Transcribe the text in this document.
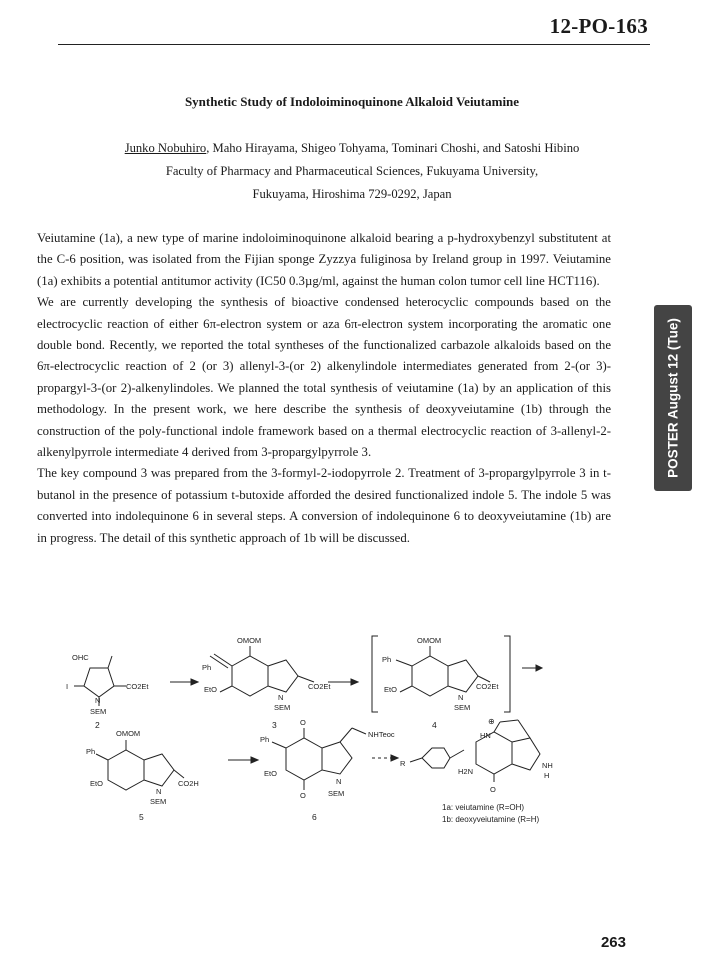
12-PO-163
Synthetic Study of Indoloiminoquinone Alkaloid Veiutamine
Junko Nobuhiro, Maho Hirayama, Shigeo Tohyama, Tominari Choshi, and Satoshi Hibino
Faculty of Pharmacy and Pharmaceutical Sciences, Fukuyama University,
Fukuyama, Hiroshima 729-0292, Japan

Veiutamine (1a), a new type of marine indoloiminoquinone alkaloid bearing a p-hydroxybenzyl substitutent at the C-6 position, was isolated from the Fijian sponge Zyzzya fuliginosa by Ireland group in 1997. Veiutamine (1a) exhibits a potential antitumor activity (IC50 0.3µg/ml, against the human colon tumor cell line HCT116).

We are currently developing the synthesis of bioactive condensed heterocyclic compounds based on the electrocyclic reaction of either 6π-electron system or aza 6π-electron system incorporating the aromatic one double bond. Recently, we reported the total syntheses of the functionalized carbazole alkaloids based on the 6π-electrocyclic reaction of 2 (or 3) allenyl-3-(or 2) alkenylindole intermediates generated from 2-(or 3)-propargyl-3-(or 2)-alkenylindoles. We planned the total synthesis of veiutamine (1a) by an application of this methodology. In the present work, we here describe the synthesis of deoxyveiutamine (1b) through the construction of the poly-functional indole framework based on a thermal electrocyclic reaction of 3-allenyl-2-alkenylpyrrole intermediate 4 derived from 3-propargylpyrrole 3.

The key compound 3 was prepared from the 3-formyl-2-iodopyrrole 2. Treatment of 3-propargylpyrrole 3 in t-butanol in the presence of potassium t-butoxide afforded the desired functionalized indole 5. The indole 5 was converted into indolequinone 6 in several steps. A conversion of indolequinone 6 to deoxyveiutamine (1b) are in progress. The detail of this synthetic approach of 1b will be discussed.

POSTER August 12 (Tue)
OHC
I	CO2Et
N
SEM
2
OMOM
Ph
EtO	CO2Et
N
SEM
3
OMOM
Ph
EtO	CO2Et
N
SEM
4
OMOM
Ph
EtO	CO2H
N
SEM
5
O
Ph
EtO
NHTeoc
N
O	SEM
6
⊕
HN
R
H2N
NH
H
O
1a: veiutamine (R=OH)
1b: deoxyveiutamine (R=H)
263
